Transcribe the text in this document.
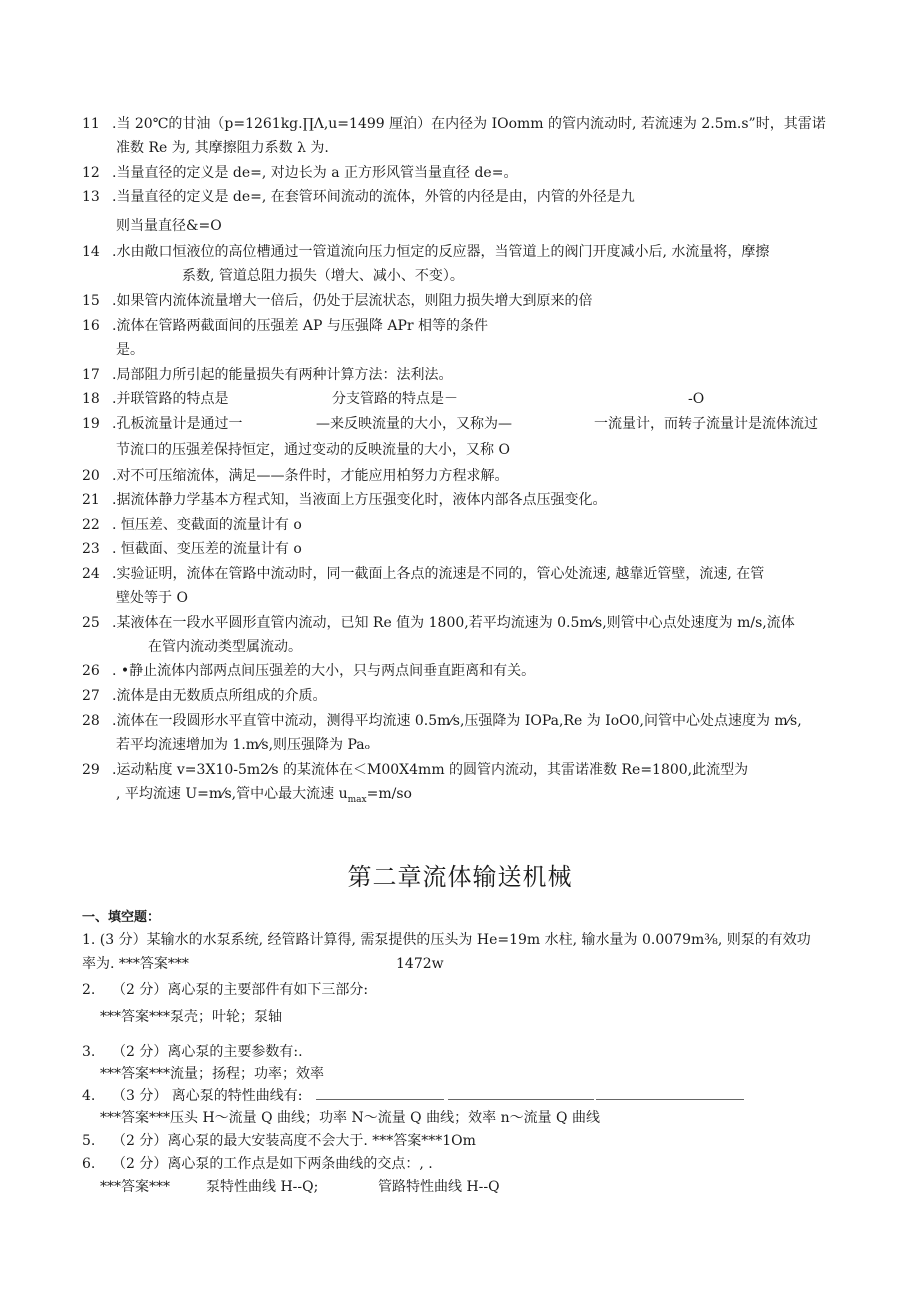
11 .当 20℃的甘油（p=1261kg.∏Λ,u=1499 厘泊）在内径为 IOomm 的管内流动时, 若流速为 2.5m.s”时，其雷诺
准数 Re 为, 其摩擦阻力系数 λ 为.
12 .当量直径的定义是 de=, 对边长为 a 正方形风管当量直径 de=。
13 .当量直径的定义是 de=, 在套管环间流动的流体，外管的内径是由，内管的外径是九
则当量直径&=O
14 .水由敞口恒液位的高位槽通过一管道流向压力恒定的反应器，当管道上的阀门开度减小后, 水流量将，摩擦
系数, 管道总阻力损失（增大、减小、不变）。
15 .如果管内流体流量增大一倍后，仍处于层流状态，则阻力损失增大到原来的倍
16 .流体在管路两截面间的压强差 AP 与压强降 APr 相等的条件
是。
17 .局部阻力所引起的能量损失有两种计算方法：法利法。
18 .并联管路的特点是	分支管路的特点是－	-O
19 .孔板流量计是通过一	—来反映流量的大小，又称为—	一流量计，而转子流量计是流体流过
节流口的压强差保持恒定，通过变动的反映流量的大小，又称 O
20 .对不可压缩流体，满足——条件时，才能应用柏努力方程求解。
21 .据流体静力学基本方程式知，当液面上方压强变化时，液体内部各点压强变化。
22 . 恒压差、变截面的流量计有 o
23 . 恒截面、变压差的流量计有 o
24 .实验证明，流体在管路中流动时，同一截面上各点的流速是不同的，管心处流速, 越靠近管壁，流速, 在管
壁处等于 O
25 .某液体在一段水平圆形直管内流动，已知 Re 值为 1800,若平均流速为 0.5m⁄s,则管中心点处速度为 m/s,流体
在管内流动类型属流动。
26 . •静止流体内部两点间压强差的大小，只与两点间垂直距离和有关。
27 .流体是由无数质点所组成的介质。
28 .流体在一段圆形水平直管中流动，测得平均流速 0.5m⁄s,压强降为 IOPa,Re 为 IoO0,问管中心处点速度为 m⁄s,
若平均流速增加为 1.m⁄s,则压强降为 Paₒ
29 .运动粘度 v=3X10-5m2⁄s 的某流体在＜M00X4mm 的圆管内流动，其雷诺准数 Re=1800,此流型为
, 平均流速 U=m⁄s,管中心最大流速 $u_{max}=m/so$
第二章流体输送机械
一、填空题：
1. (3 分）某输水的水泵系统, 经管路计算得, 需泵提供的压头为 He=19m 水柱, 输水量为 0.0079m⅜, 则泵的有效功
率为. ***答案***	1472w
2. （2 分）离心泵的主要部件有如下三部分:
***答案***泵壳；叶轮；泵轴
3. （2 分）离心泵的主要参数有:.
***答案***流量；扬程；功率；效率
4. （3 分） 离心泵的特性曲线有:
***答案***压头 H～流量 Q 曲线；功率 N～流量 Q 曲线；效率 n～流量 Q 曲线
5. （2 分）离心泵的最大安装高度不会大于. ***答案***1Om
6. （2 分）离心泵的工作点是如下两条曲线的交点：, .
***答案***	泵特性曲线 H--Q;	管路特性曲线 H--Q
